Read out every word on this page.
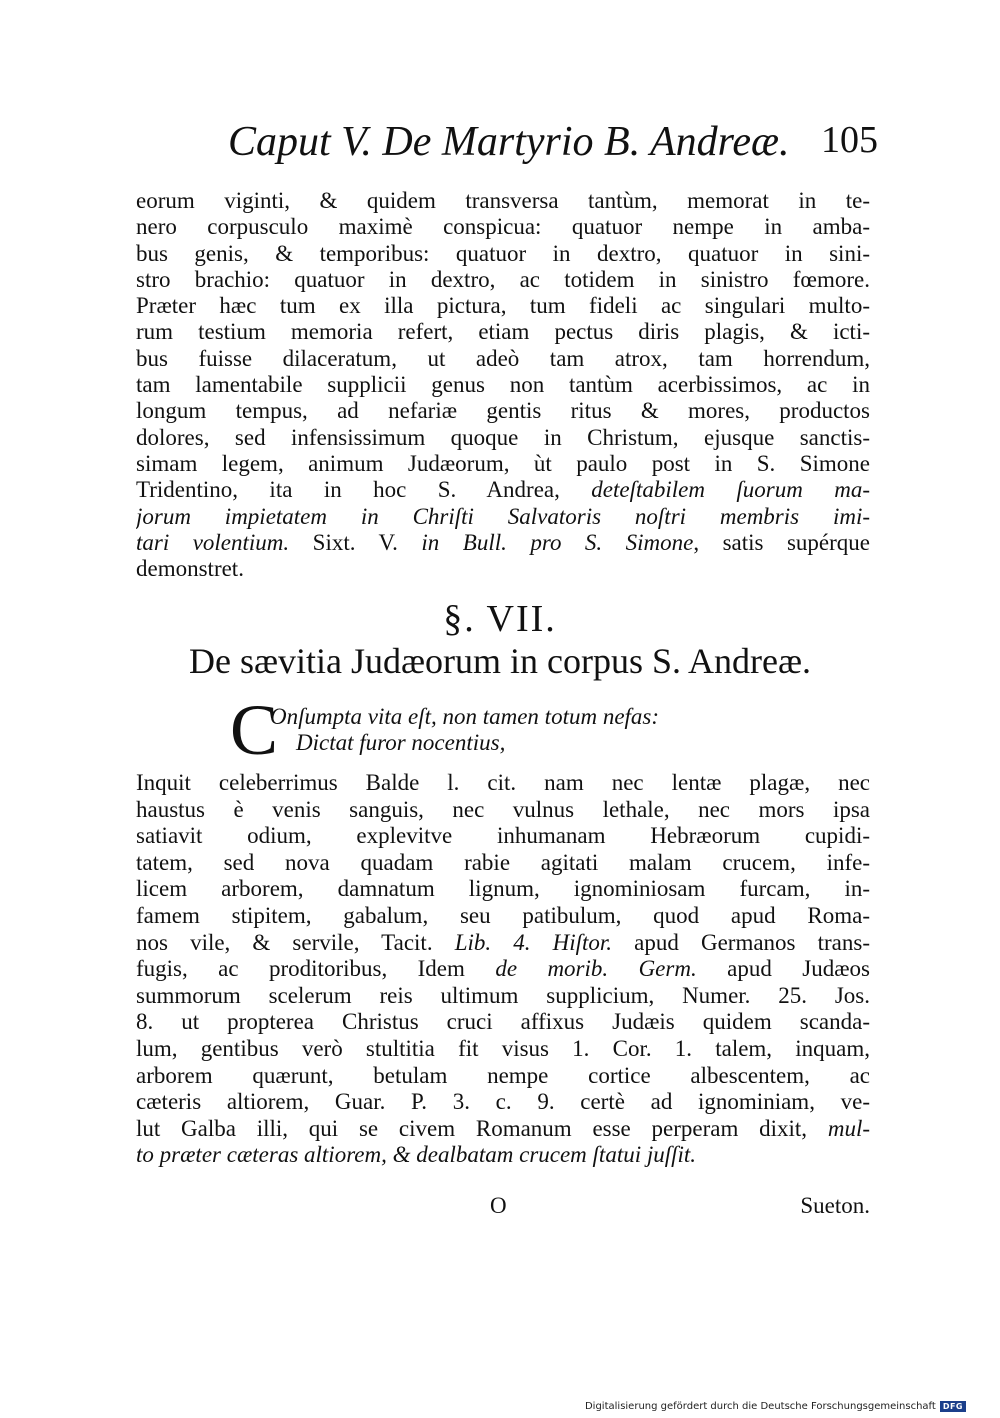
Caput V. De Martyrio B. Andreæ. 105
eorum viginti, & quidem transversa tantùm, memorat in te-
nero corpusculo maximè conspicua: quatuor nempe in amba-
bus genis, & temporibus: quatuor in dextro, quatuor in sini-
stro brachio: quatuor in dextro, ac totidem in sinistro fœmore.
Præter hæc tum ex illa pictura, tum fideli ac singulari multo-
rum testium memoria refert, etiam pectus diris plagis, & icti-
bus fuisse dilaceratum, ut adeò tam atrox, tam horrendum,
tam lamentabile supplicii genus non tantùm acerbissimos, ac in
longum tempus, ad nefariæ gentis ritus & mores, productos
dolores, sed infensissimum quoque in Christum, ejusque sanctis-
simam legem, animum Judæorum, ùt paulo post in S. Simone
Tridentino, ita in hoc S. Andrea, deteſtabilem ſuorum ma-
jorum impietatem in Chriſti Salvatoris noſtri membris imi-
tari volentium. Sixt. V. in Bull. pro S. Simone, satis supérque
demonstret.
§. VII.
De sævitia Judæorum in corpus S. Andreæ.
C
Onſumpta vita eſt, non tamen totum nefas:
Dictat furor nocentius,
Inquit celeberrimus Balde l. cit. nam nec lentæ plagæ, nec
haustus è venis sanguis, nec vulnus lethale, nec mors ipsa
satiavit odium, explevitve inhumanam Hebræorum cupidi-
tatem, sed nova quadam rabie agitati malam crucem, infe-
licem arborem, damnatum lignum, ignominiosam furcam, in-
famem stipitem, gabalum, seu patibulum, quod apud Roma-
nos vile, & servile, Tacit. Lib. 4. Hiſtor. apud Germanos trans-
fugis, ac proditoribus, Idem de morib. Germ. apud Judæos
summorum scelerum reis ultimum supplicium, Numer. 25. Jos.
8. ut propterea Christus cruci affixus Judæis quidem scanda-
lum, gentibus verò stultitia fit visus 1. Cor. 1. talem, inquam,
arborem quærunt, betulam nempe cortice albescentem, ac
cæteris altiorem, Guar. P. 3. c. 9. certè ad ignominiam, ve-
lut Galba illi, qui se civem Romanum esse perperam dixit, mul-
to præter cæteras altiorem, & dealbatam crucem ſtatui juſſit.
O	Sueton.
Digitalisierung gefördert durch die Deutsche Forschungsgemeinschaft DFG
